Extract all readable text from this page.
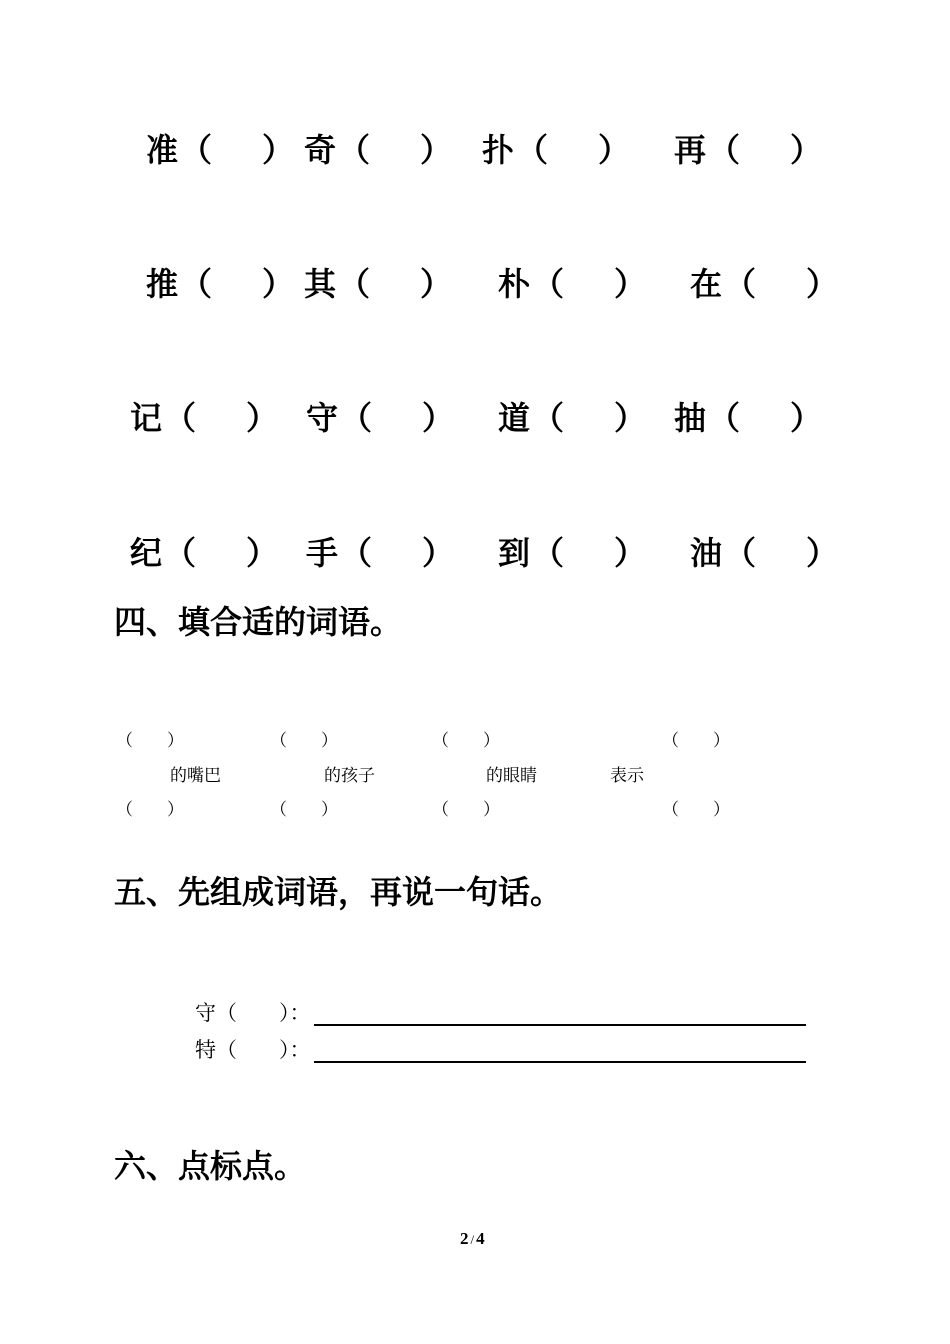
准 （ ） 奇 （ ） 扑 （ ） 再 （ ）
推 （ ） 其 （ ） 朴 （ ） 在 （ ）
记 （ ） 守 （ ） 道 （ ） 抽 （ ）
纪 （ ） 手 （ ） 到 （ ） 油 （ ）
四、填合适的词语。
（　　）	（　　）	（　　）	（　　）
的嘴巴	的孩子	的眼睛	表示
（　　）	（　　）	（　　）	（　　）
五、先组成词语，再说一句话。
守 （　　）：
特 （　　）：
六、点标点。
2 / 4
